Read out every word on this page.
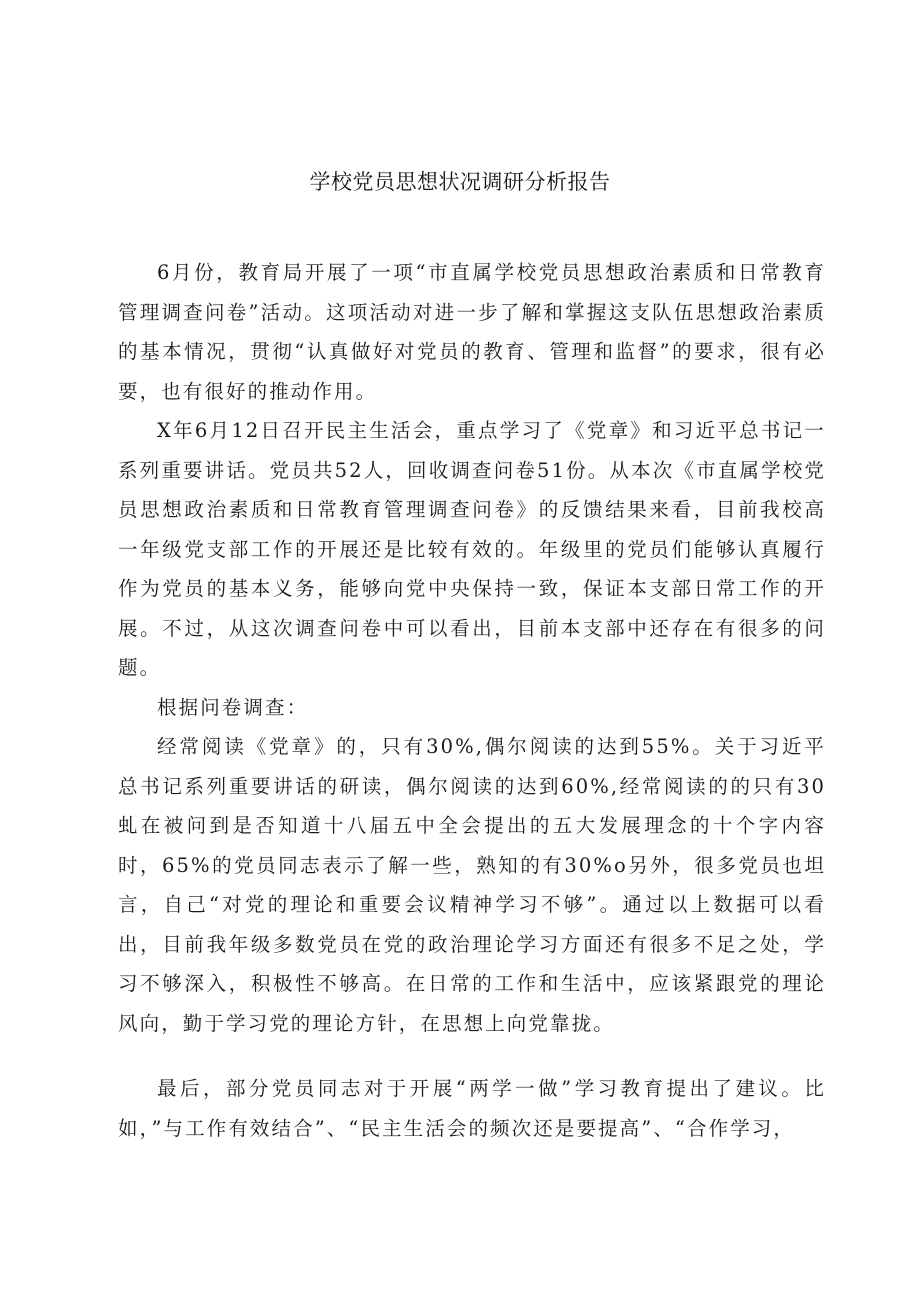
学校党员思想状况调研分析报告

6月份，教育局开展了一项“市直属学校党员思想政治素质和日常教育管理调查问卷”活动。这项活动对进一步了解和掌握这支队伍思想政治素质的基本情况，贯彻“认真做好对党员的教育、管理和监督”的要求，很有必要，也有很好的推动作用。

X年6月12日召开民主生活会，重点学习了《党章》和习近平总书记一系列重要讲话。党员共52人，回收调查问卷51份。从本次《市直属学校党员思想政治素质和日常教育管理调查问卷》的反馈结果来看，目前我校高一年级党支部工作的开展还是比较有效的。年级里的党员们能够认真履行作为党员的基本义务，能够向党中央保持一致，保证本支部日常工作的开展。不过，从这次调查问卷中可以看出，目前本支部中还存在有很多的问题。

根据问卷调查：

经常阅读《党章》的，只有30%,偶尔阅读的达到55%。关于习近平总书记系列重要讲话的研读，偶尔阅读的达到60%,经常阅读的的只有30虬在被问到是否知道十八届五中全会提出的五大发展理念的十个字内容时，65%的党员同志表示了解一些，熟知的有30%o另外，很多党员也坦言，自己“对党的理论和重要会议精神学习不够”。通过以上数据可以看出，目前我年级多数党员在党的政治理论学习方面还有很多不足之处，学习不够深入，积极性不够高。在日常的工作和生活中，应该紧跟党的理论风向，勤于学习党的理论方针，在思想上向党靠拢。

最后，部分党员同志对于开展“两学一做”学习教育提出了建议。比如，”与工作有效结合”、“民主生活会的频次还是要提高”、“合作学习，
